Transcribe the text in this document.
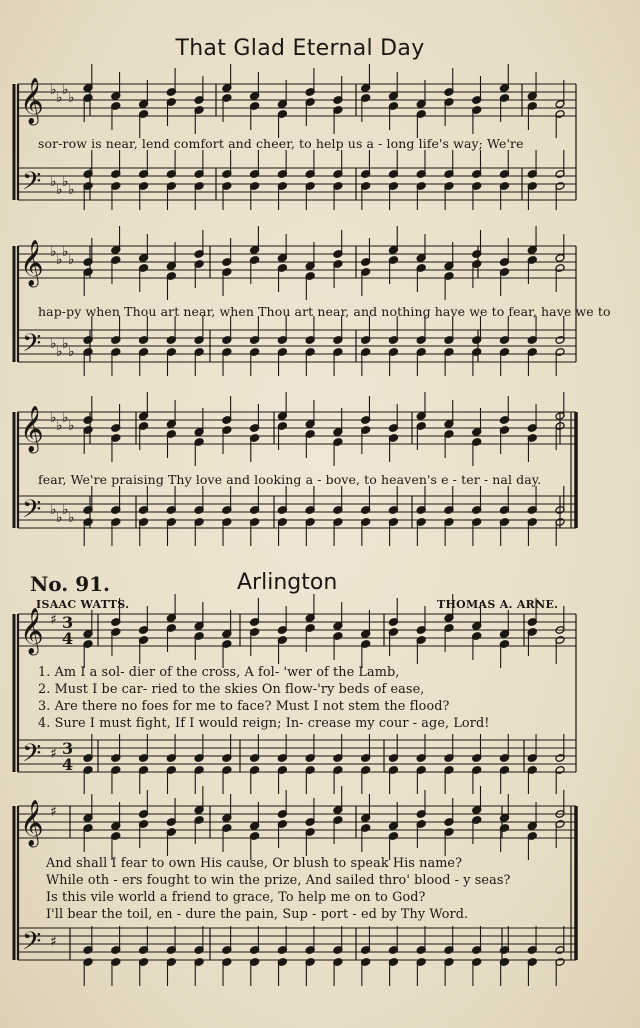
𝄞
𝄢
♭ ♭ ♭ ♭
♭ ♭ ♭ ♭
𝄞
𝄢
♭ ♭ ♭ ♭
♭ ♭ ♭ ♭
𝄞
𝄢
♭ ♭ ♭ ♭
♭ ♭ ♭ ♭
𝄞
𝄢
♯
♯
3
3
4
4
𝄞
𝄢
♯
♯
That Glad Eternal Day
sor-row is near, lend comfort and cheer, to help us a - long life's way; We're
hap-py when Thou art near, when Thou art near, and nothing have we to fear, have we to
fear, We're praising Thy love and looking a - bove, to heaven's e - ter - nal day.
No. 91.	Arlington
ISAAC WATTS.	THOMAS A. ARNE.
1. Am I a sol- dier of the cross, A fol- 'wer of the Lamb,
2. Must I be car- ried to the skies On flow-'ry beds of ease,
3. Are there no foes for me to face? Must I not stem the flood?
4. Sure I must fight, If I would reign; In- crease my cour - age, Lord!
And shall I fear to own His cause, Or blush to speak His name?
While oth - ers fought to win the prize, And sailed thro' blood - y seas?
Is this vile world a friend to grace, To help me on to God?
I'll bear the toil, en - dure the pain, Sup - port - ed by Thy Word.
